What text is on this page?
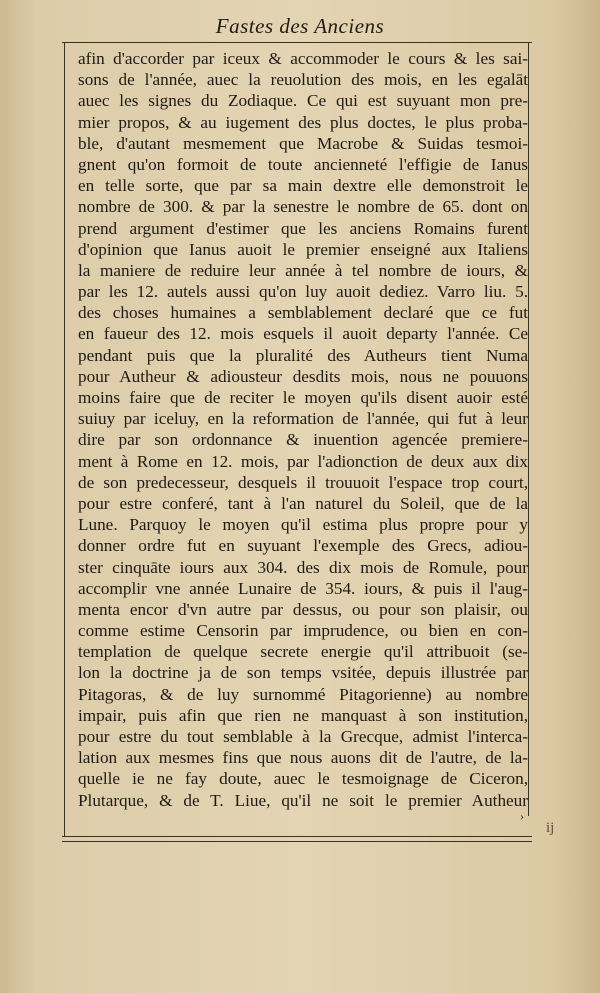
Fastes des Anciens
afin d'accorder par iceux & accommoder le cours & les sai-
sons de l'année, auec la reuolution des mois, en les egalāt
auec les signes du Zodiaque. Ce qui est suyuant mon pre-
mier propos, & au iugement des plus doctes, le plus proba-
ble, d'autant mesmement que Macrobe & Suidas tesmoi-
gnent qu'on formoit de toute ancienneté l'effigie de Ianus
en telle sorte, que par sa main dextre elle demonstroit le
nombre de 300. & par la senestre le nombre de 65. dont on
prend argument d'estimer que les anciens Romains furent
d'opinion que Ianus auoit le premier enseigné aux Italiens
la maniere de reduire leur année à tel nombre de iours, &
par les 12. autels aussi qu'on luy auoit dediez. Varro liu. 5.
des choses humaines a semblablement declaré que ce fut
en faueur des 12. mois esquels il auoit departy l'année. Ce
pendant puis que la pluralité des Autheurs tient Numa
pour Autheur & adiousteur desdits mois, nous ne pouuons
moins faire que de reciter le moyen qu'ils disent auoir esté
suiuy par iceluy, en la reformation de l'année, qui fut à leur
dire par son ordonnance & inuention agencée premiere-
ment à Rome en 12. mois, par l'adionction de deux aux dix
de son predecesseur, desquels il trouuoit l'espace trop court,
pour estre conferé, tant à l'an naturel du Soleil, que de la
Lune. Parquoy le moyen qu'il estima plus propre pour y
donner ordre fut en suyuant l'exemple des Grecs, adiou-
ster cinquāte iours aux 304. des dix mois de Romule, pour
accomplir vne année Lunaire de 354. iours, & puis il l'aug-
menta encor d'vn autre par dessus, ou pour son plaisir, ou
comme estime Censorin par imprudence, ou bien en con-
templation de quelque secrete energie qu'il attribuoit (se-
lon la doctrine ja de son temps vsitée, depuis illustrée par
Pitagoras, & de luy surnommé Pitagorienne) au nombre
impair, puis afin que rien ne manquast à son institution,
pour estre du tout semblable à la Grecque, admist l'interca-
lation aux mesmes fins que nous auons dit de l'autre, de la-
quelle ie ne fay doute, auec le tesmoignage de Ciceron,
Plutarque, & de T. Liue, qu'il ne soit le premier Autheur
›
ij
